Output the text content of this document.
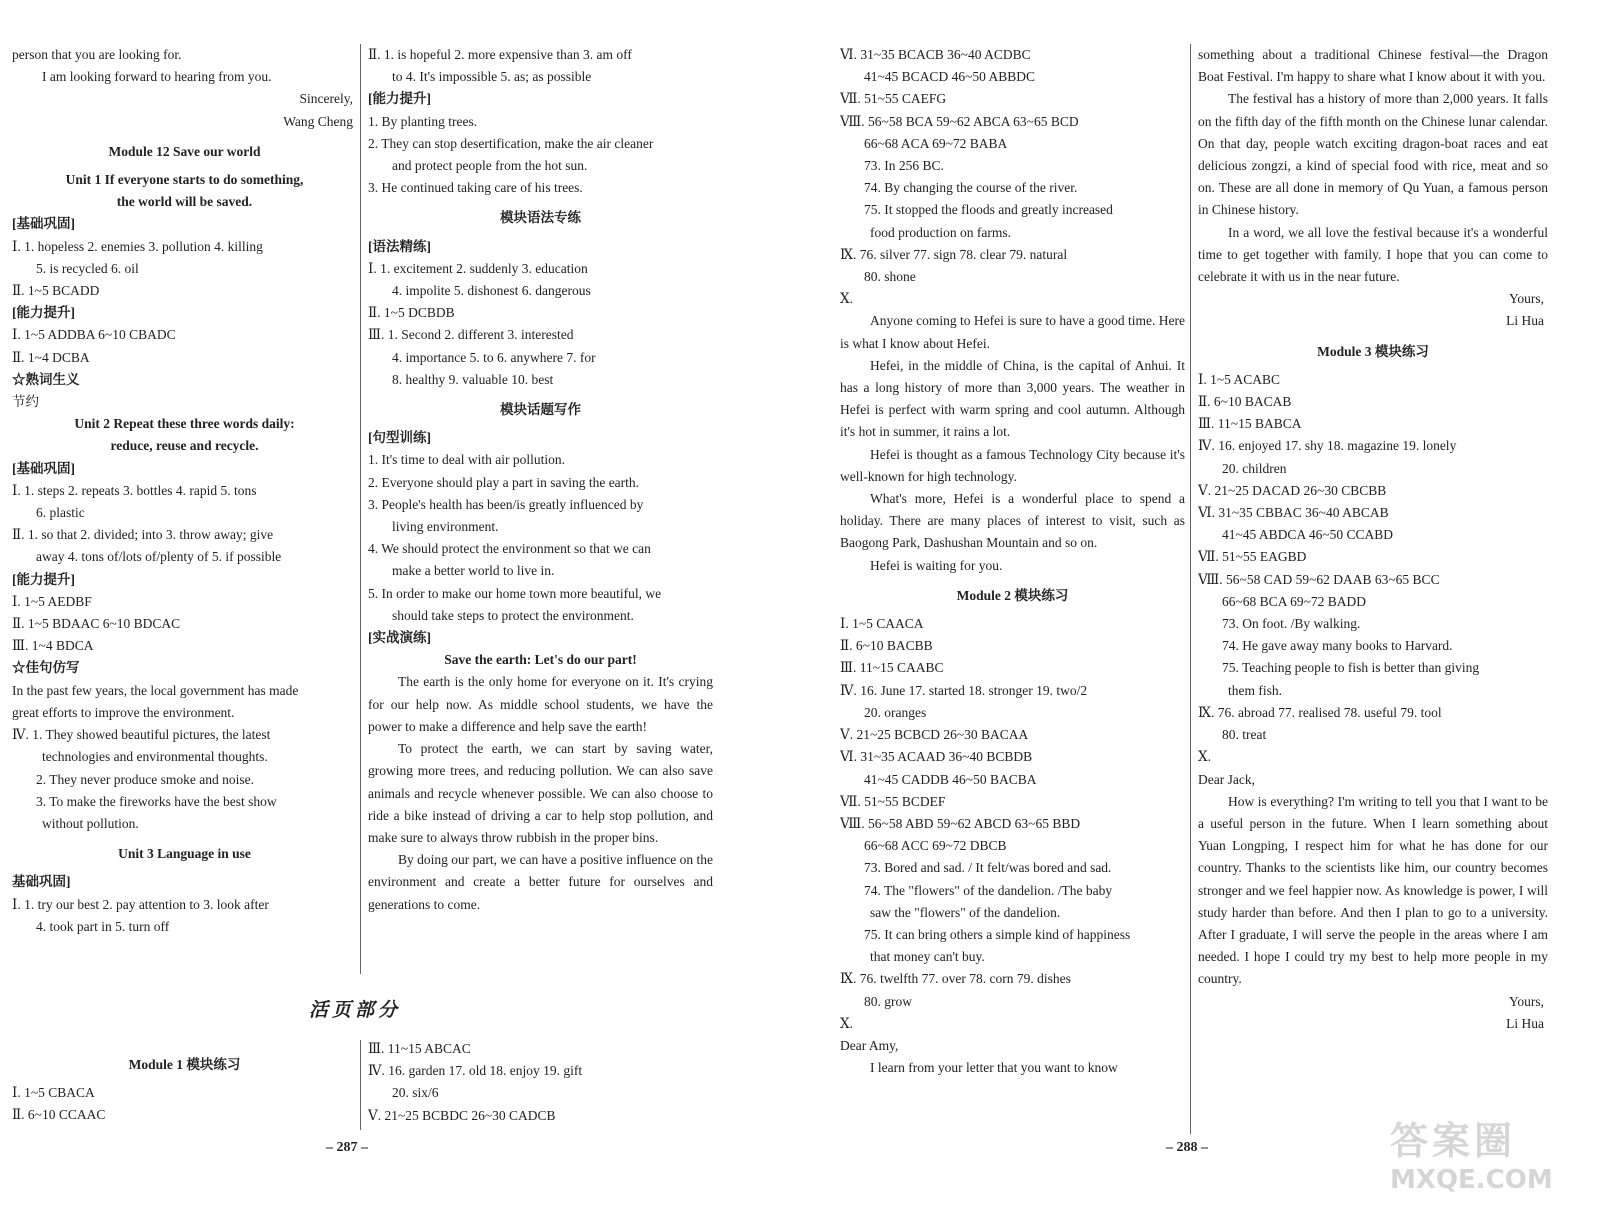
person that you are looking for.
I am looking forward to hearing from you.
Sincerely,
Wang Cheng
Module 12 Save our world
Unit 1 If everyone starts to do something,
the world will be saved.
[基础巩固]
Ⅰ. 1. hopeless 2. enemies 3. pollution 4. killing
5. is recycled 6. oil
Ⅱ. 1~5 BCADD
[能力提升]
Ⅰ. 1~5 ADDBA 6~10 CBADC
Ⅱ. 1~4 DCBA
☆熟词生义
节约
Unit 2 Repeat these three words daily:
reduce, reuse and recycle.
[基础巩固]
Ⅰ. 1. steps 2. repeats 3. bottles 4. rapid 5. tons
6. plastic
Ⅱ. 1. so that 2. divided; into 3. throw away; give
away 4. tons of/lots of/plenty of 5. if possible
[能力提升]
Ⅰ. 1~5 AEDBF
Ⅱ. 1~5 BDAAC 6~10 BDCAC
Ⅲ. 1~4 BDCA
☆佳句仿写
In the past few years, the local government has made
great efforts to improve the environment.
Ⅳ. 1. They showed beautiful pictures, the latest
technologies and environmental thoughts.
2. They never produce smoke and noise.
3. To make the fireworks have the best show
without pollution.
Unit 3 Language in use
基础巩固]
Ⅰ. 1. try our best 2. pay attention to 3. look after
4. took part in 5. turn off
Ⅱ. 1. is hopeful 2. more expensive than 3. am off
to 4. It's impossible 5. as; as possible
[能力提升]
1. By planting trees.
2. They can stop desertification, make the air cleaner
and protect people from the hot sun.
3. He continued taking care of his trees.
模块语法专练
[语法精练]
Ⅰ. 1. excitement 2. suddenly 3. education
4. impolite 5. dishonest 6. dangerous
Ⅱ. 1~5 DCBDB
Ⅲ. 1. Second 2. different 3. interested
4. importance 5. to 6. anywhere 7. for
8. healthy 9. valuable 10. best
模块话题写作
[句型训练]
1. It's time to deal with air pollution.
2. Everyone should play a part in saving the earth.
3. People's health has been/is greatly influenced by
living environment.
4. We should protect the environment so that we can
make a better world to live in.
5. In order to make our home town more beautiful, we
should take steps to protect the environment.
[实战演练]
Save the earth: Let's do our part!
The earth is the only home for everyone on it. It's crying for our help now. As middle school students, we have the power to make a difference and help save the earth!
To protect the earth, we can start by saving water, growing more trees, and reducing pollution. We can also save animals and recycle whenever possible. We can also choose to ride a bike instead of driving a car to help stop pollution, and make sure to always throw rubbish in the proper bins.
By doing our part, we can have a positive influence on the environment and create a better future for ourselves and generations to come.
活页部分
Module 1 模块练习
Ⅰ. 1~5 CBACA
Ⅱ. 6~10 CCAAC
Ⅲ. 11~15 ABCAC
Ⅳ. 16. garden 17. old 18. enjoy 19. gift
20. six/6
Ⅴ. 21~25 BCBDC 26~30 CADCB
Ⅵ. 31~35 BCACB 36~40 ACDBC
41~45 BCACD 46~50 ABBDC
Ⅶ. 51~55 CAEFG
Ⅷ. 56~58 BCA 59~62 ABCA 63~65 BCD
66~68 ACA 69~72 BABA
73. In 256 BC.
74. By changing the course of the river.
75. It stopped the floods and greatly increased
food production on farms.
Ⅸ. 76. silver 77. sign 78. clear 79. natural
80. shone
Ⅹ.
Anyone coming to Hefei is sure to have a good time. Here is what I know about Hefei.
Hefei, in the middle of China, is the capital of Anhui. It has a long history of more than 3,000 years. The weather in Hefei is perfect with warm spring and cool autumn. Although it's hot in summer, it rains a lot.
Hefei is thought as a famous Technology City because it's well-known for high technology.
What's more, Hefei is a wonderful place to spend a holiday. There are many places of interest to visit, such as Baogong Park, Dashushan Mountain and so on.
Hefei is waiting for you.
Module 2 模块练习
Ⅰ. 1~5 CAACA
Ⅱ. 6~10 BACBB
Ⅲ. 11~15 CAABC
Ⅳ. 16. June 17. started 18. stronger 19. two/2
20. oranges
Ⅴ. 21~25 BCBCD 26~30 BACAA
Ⅵ. 31~35 ACAAD 36~40 BCBDB
41~45 CADDB 46~50 BACBA
Ⅶ. 51~55 BCDEF
Ⅷ. 56~58 ABD 59~62 ABCD 63~65 BBD
66~68 ACC 69~72 DBCB
73. Bored and sad. / It felt/was bored and sad.
74. The "flowers" of the dandelion. /The baby
saw the "flowers" of the dandelion.
75. It can bring others a simple kind of happiness
that money can't buy.
Ⅸ. 76. twelfth 77. over 78. corn 79. dishes
80. grow
Ⅹ.
Dear Amy,
I learn from your letter that you want to know
something about a traditional Chinese festival—the Dragon Boat Festival. I'm happy to share what I know about it with you.
The festival has a history of more than 2,000 years. It falls on the fifth day of the fifth month on the Chinese lunar calendar. On that day, people watch exciting dragon-boat races and eat delicious zongzi, a kind of special food with rice, meat and so on. These are all done in memory of Qu Yuan, a famous person in Chinese history.
In a word, we all love the festival because it's a wonderful time to get together with family. I hope that you can come to celebrate it with us in the near future.
Yours,
Li Hua
Module 3 模块练习
Ⅰ. 1~5 ACABC
Ⅱ. 6~10 BACAB
Ⅲ. 11~15 BABCA
Ⅳ. 16. enjoyed 17. shy 18. magazine 19. lonely
20. children
Ⅴ. 21~25 DACAD 26~30 CBCBB
Ⅵ. 31~35 CBBAC 36~40 ABCAB
41~45 ABDCA 46~50 CCABD
Ⅶ. 51~55 EAGBD
Ⅷ. 56~58 CAD 59~62 DAAB 63~65 BCC
66~68 BCA 69~72 BADD
73. On foot. /By walking.
74. He gave away many books to Harvard.
75. Teaching people to fish is better than giving
them fish.
Ⅸ. 76. abroad 77. realised 78. useful 79. tool
80. treat
Ⅹ.
Dear Jack,
How is everything? I'm writing to tell you that I want to be a useful person in the future. When I learn something about Yuan Longping, I respect him for what he has done for our country. Thanks to the scientists like him, our country becomes stronger and we feel happier now. As knowledge is power, I will study harder than before. And then I plan to go to a university. After I graduate, I will serve the people in the areas where I am needed. I hope I could try my best to help more people in my country.
Yours,
Li Hua
– 287 –	– 288 –	答案圈
MXQE.COM
